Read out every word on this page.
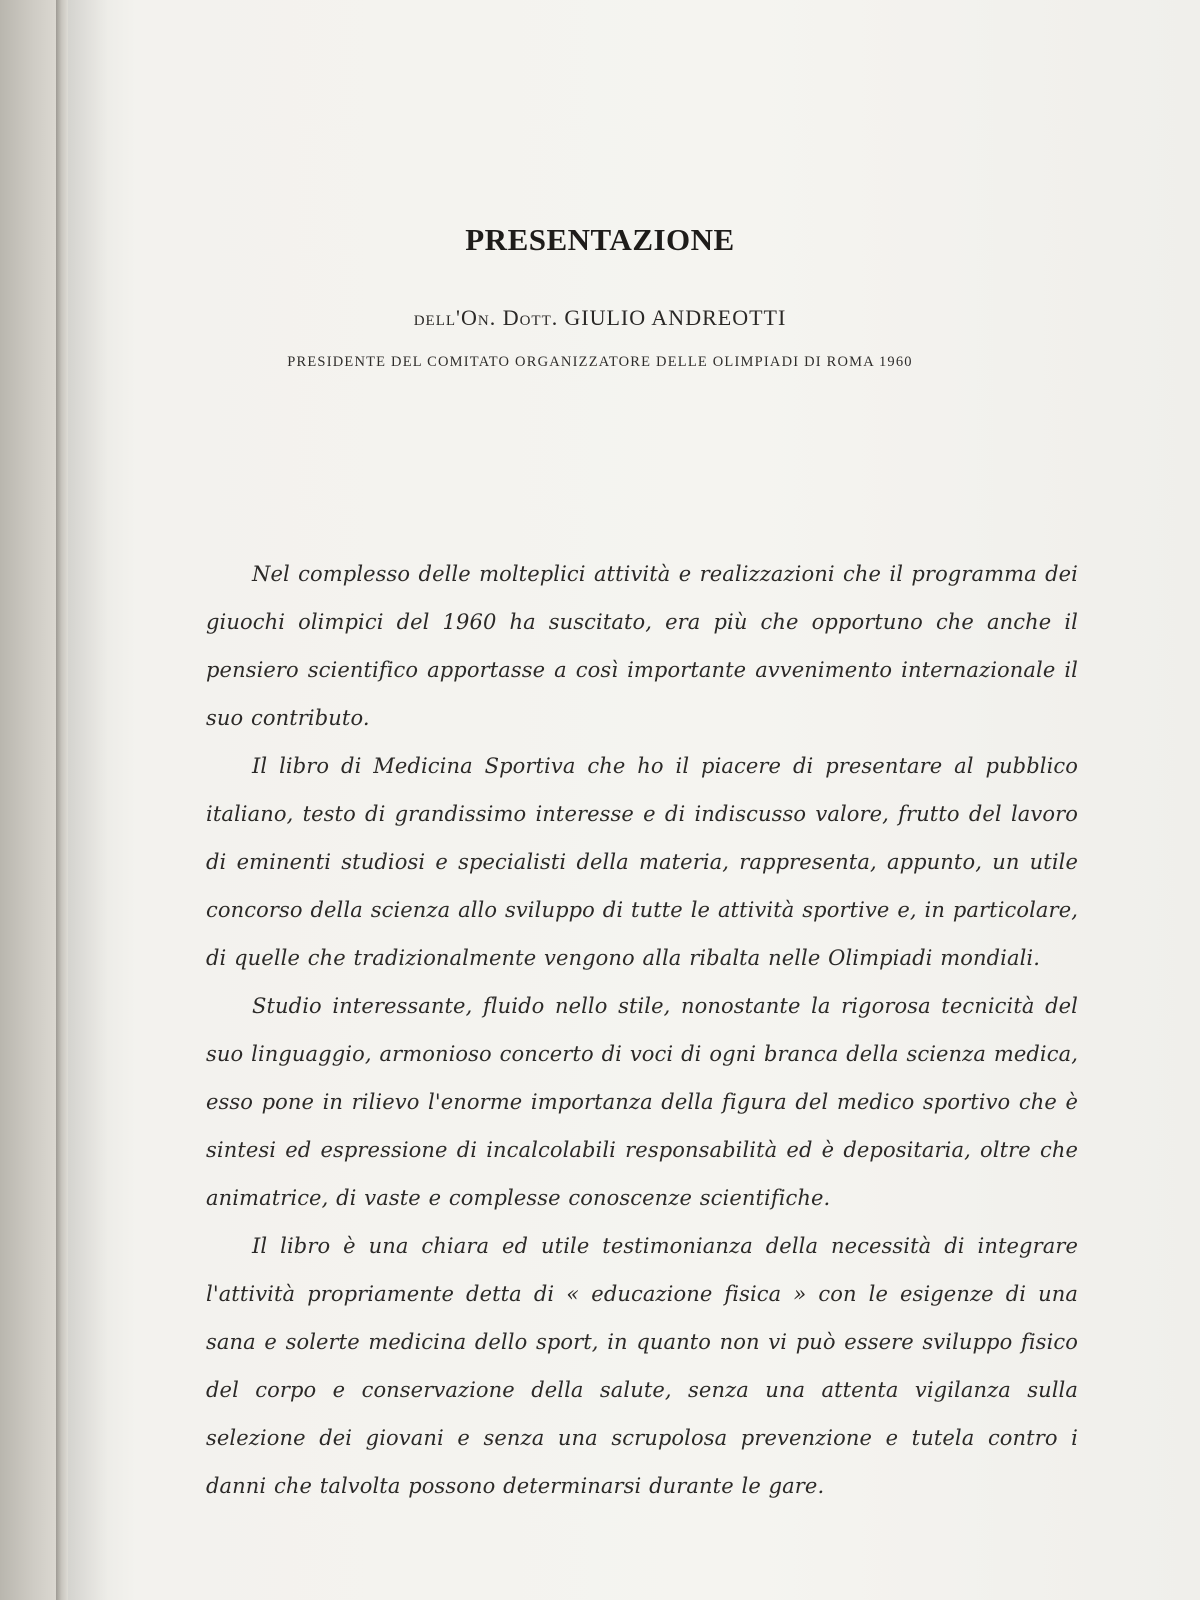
PRESENTAZIONE
dell'On. Dott. GIULIO ANDREOTTI
PRESIDENTE DEL COMITATO ORGANIZZATORE DELLE OLIMPIADI DI ROMA 1960

Nel complesso delle molteplici attività e realizzazioni che il programma dei giuochi olimpici del 1960 ha suscitato, era più che opportuno che anche il pensiero scientifico apportasse a così importante avvenimento internazionale il suo contributo.

Il libro di Medicina Sportiva che ho il piacere di presentare al pubblico italiano, testo di grandissimo interesse e di indiscusso valore, frutto del lavoro di eminenti studiosi e specialisti della materia, rappresenta, appunto, un utile concorso della scienza allo sviluppo di tutte le attività sportive e, in particolare, di quelle che tradizionalmente vengono alla ribalta nelle Olimpiadi mondiali.

Studio interessante, fluido nello stile, nonostante la rigorosa tecnicità del suo linguaggio, armonioso concerto di voci di ogni branca della scienza medica, esso pone in rilievo l'enorme importanza della figura del medico sportivo che è sintesi ed espressione di incalcolabili responsabilità ed è depositaria, oltre che animatrice, di vaste e complesse conoscenze scientifiche.

Il libro è una chiara ed utile testimonianza della necessità di integrare l'attività propriamente detta di « educazione fisica » con le esigenze di una sana e solerte medicina dello sport, in quanto non vi può essere sviluppo fisico del corpo e conservazione della salute, senza una attenta vigilanza sulla selezione dei giovani e senza una scrupolosa prevenzione e tutela contro i danni che talvolta possono determinarsi durante le gare.
